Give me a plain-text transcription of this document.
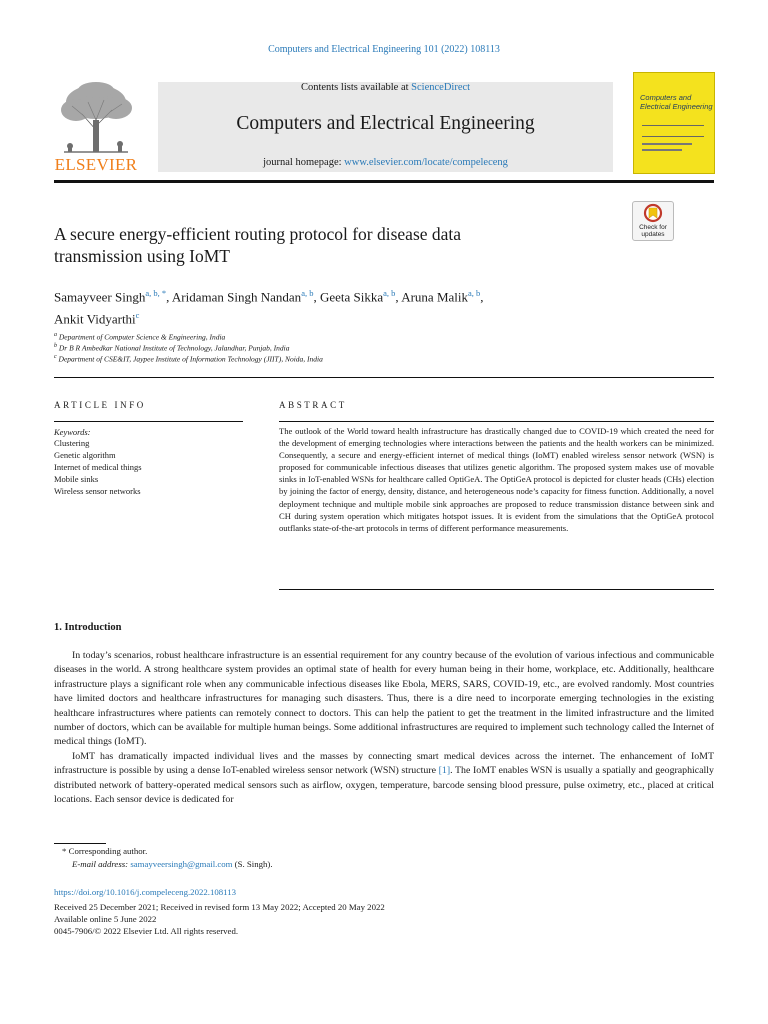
Computers and Electrical Engineering 101 (2022) 108113
ELSEVIER
Contents lists available at ScienceDirect
Computers and Electrical Engineering
journal homepage: www.elsevier.com/locate/compeleceng
Computers and
Electrical Engineering
Check for
updates
A secure energy-efficient routing protocol for disease data
transmission using IoMT
Samayveer Singh$^{a, b, *}$, Aridaman Singh Nandan$^{a, b}$, Geeta Sikka$^{a, b}$, Aruna Malik$^{a, b}$,
Ankit Vidyarthi$^c$
$^a$ Department of Computer Science & Engineering, India
$^b$ Dr B R Ambedkar National Institute of Technology, Jalandhar, Punjab, India
$^c$ Department of CSE&IT, Jaypee Institute of Information Technology (JIIT), Noida, India
ARTICLE INFO
Keywords:
Clustering
Genetic algorithm
Internet of medical things
Mobile sinks
Wireless sensor networks
ABSTRACT
The outlook of the World toward health infrastructure has drastically changed due to COVID-19 which created the need for the development of emerging technologies where interactions between the patients and the health workers can be minimized. Consequently, a secure and energy-efficient internet of medical things (IoMT) enabled wireless sensor network (WSN) is proposed for communicable infectious diseases that utilizes genetic algorithm. The proposed system makes use of movable sinks in IoT-enabled WSNs for healthcare called OptiGeA. The OptiGeA protocol is depicted for cluster heads (CHs) election by joining the factor of energy, density, distance, and heterogeneous node’s capacity for fitness function. Additionally, a novel deployment technique and multiple mobile sink approaches are proposed to reduce transmission distance between sink and CH during system operation which mitigates hotspot issues. It is evident from the simulations that the OptiGeA protocol outflanks state-of-the-art protocols in terms of different performance measurements.
1. Introduction

In today’s scenarios, robust healthcare infrastructure is an essential requirement for any country because of the evolution of various infectious and communicable diseases in the world. A strong healthcare system provides an optimal state of health for every human being in their home, workplace, etc. Additionally, healthcare infrastructure plays a significant role when any communicable infectious diseases like Ebola, MERS, SARS, COVID-19, etc., are evolved randomly. Most countries have limited doctors and healthcare infrastructures for managing such disasters. Thus, there is a dire need to incorporate emerging technologies in the existing healthcare infrastructures where patients can remotely connect to doctors. This can help the patient to get the treatment in the limited infrastructure and the limited number of doctors, which can be available for multiple human beings. Some additional infrastructures are required to implement such technology called the Internet of medical things (IoMT).

IoMT has dramatically impacted individual lives and the masses by connecting smart medical devices across the internet. The enhancement of IoMT infrastructure is possible by using a dense IoT-enabled wireless sensor network (WSN) structure [1]. The IoMT enables WSN is usually a spatially and geographically distributed network of battery-operated medical sensors such as airflow, oxygen, temperature, barcode sensing blood pressure, pulse oximetry, etc., placed at critical locations. Each sensor device is dedicated for

* Corresponding author.
E-mail address: samayveersingh@gmail.com (S. Singh).
https://doi.org/10.1016/j.compeleceng.2022.108113
Received 25 December 2021; Received in revised form 13 May 2022; Accepted 20 May 2022
Available online 5 June 2022
0045-7906/© 2022 Elsevier Ltd. All rights reserved.
